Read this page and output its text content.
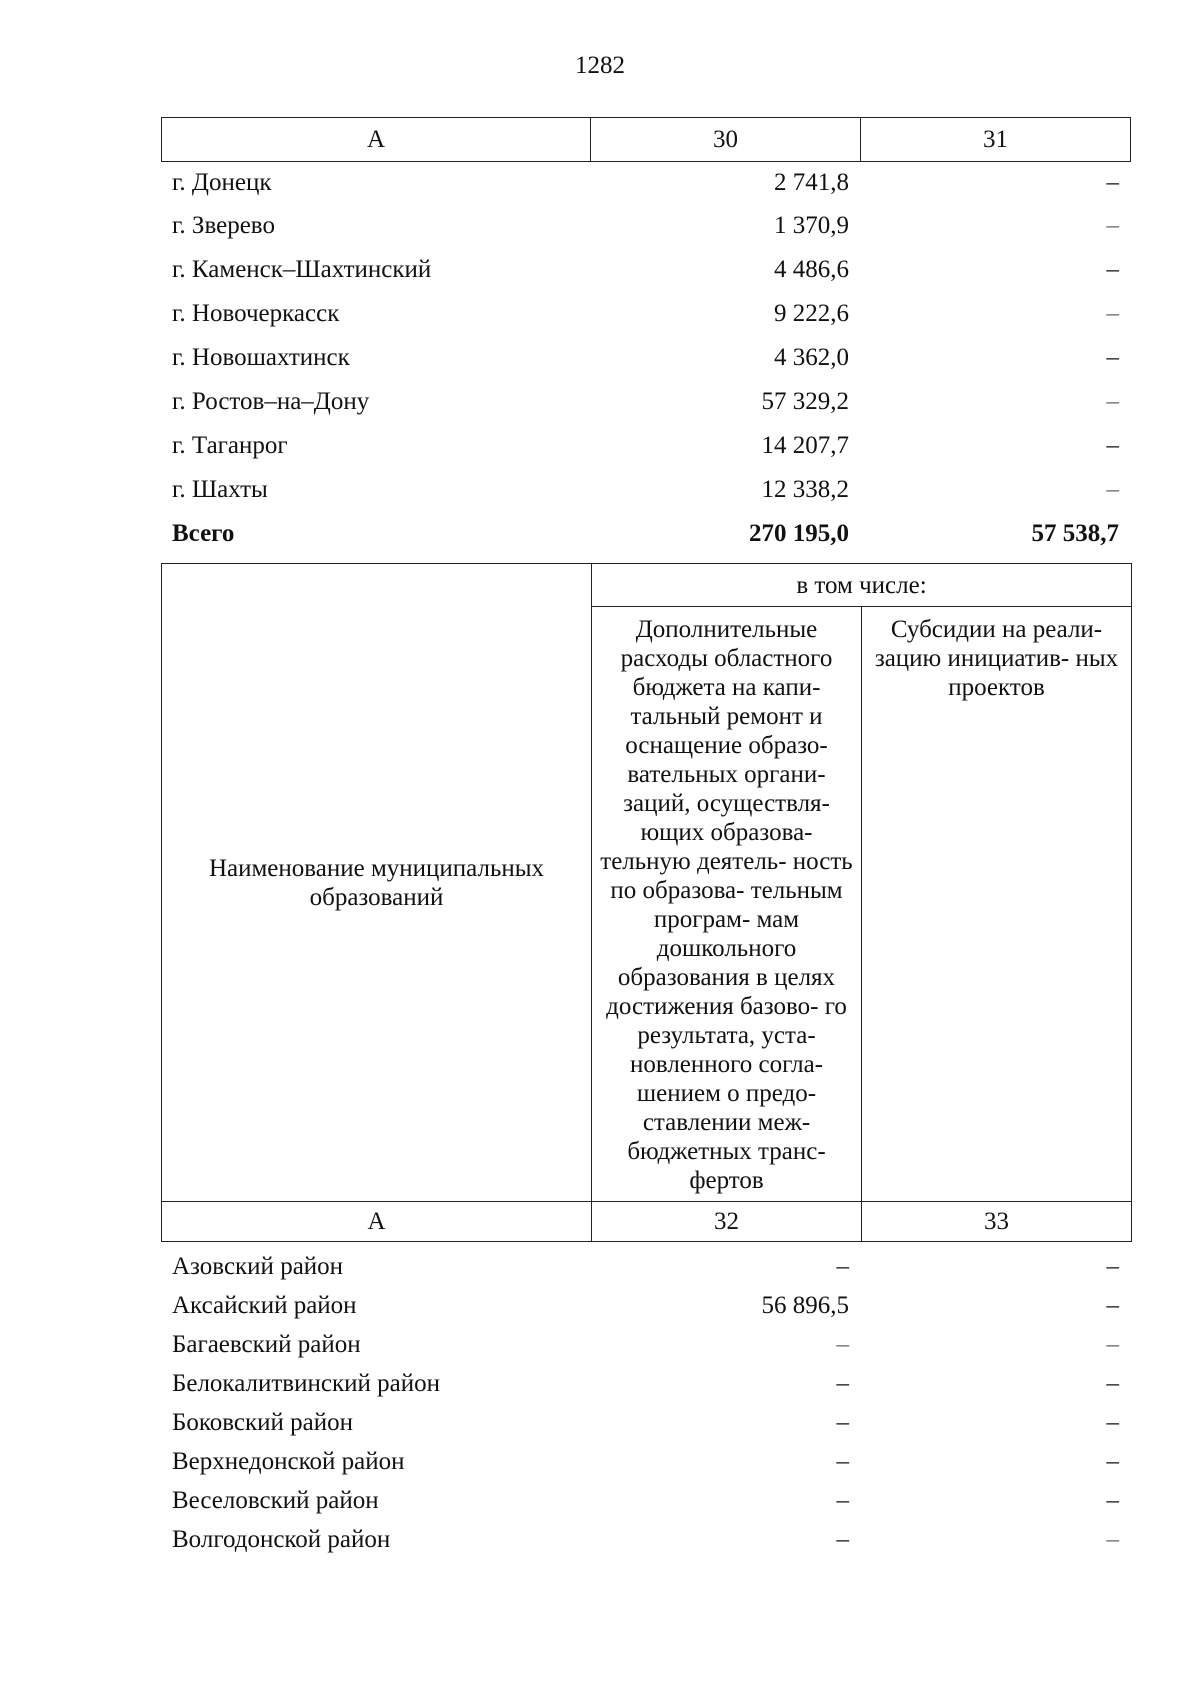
1282
А	30	31
г. Донецк	2 741,8	–
г. Зверево	1 370,9	–
г. Каменск–Шахтинский	4 486,6	–
г. Новочеркасск	9 222,6	–
г. Новошахтинск	4 362,0	–
г. Ростов–на–Дону	57 329,2	–
г. Таганрог	14 207,7	–
г. Шахты	12 338,2	–
Всего	270 195,0	57 538,7
Наименование муниципальных образований	в том числе:	
	Дополнительные расходы областного бюджета на капи- тальный ремонт и оснащение образо- вательных органи- заций, осуществля- ющих образова- тельную деятель- ность по образова- тельным програм- мам дошкольного образования в целях достижения базово- го результата, уста- новленного согла- шением о предо- ставлении меж- бюджетных транс- фертов	Субсидии на реали- зацию инициатив- ных проектов
А	32	33
Азовский район	–	–
Аксайский район	56 896,5	–
Багаевский район	–	–
Белокалитвинский район	–	–
Боковский район	–	–
Верхнедонской район	–	–
Веселовский район	–	–
Волгодонской район	–	–
